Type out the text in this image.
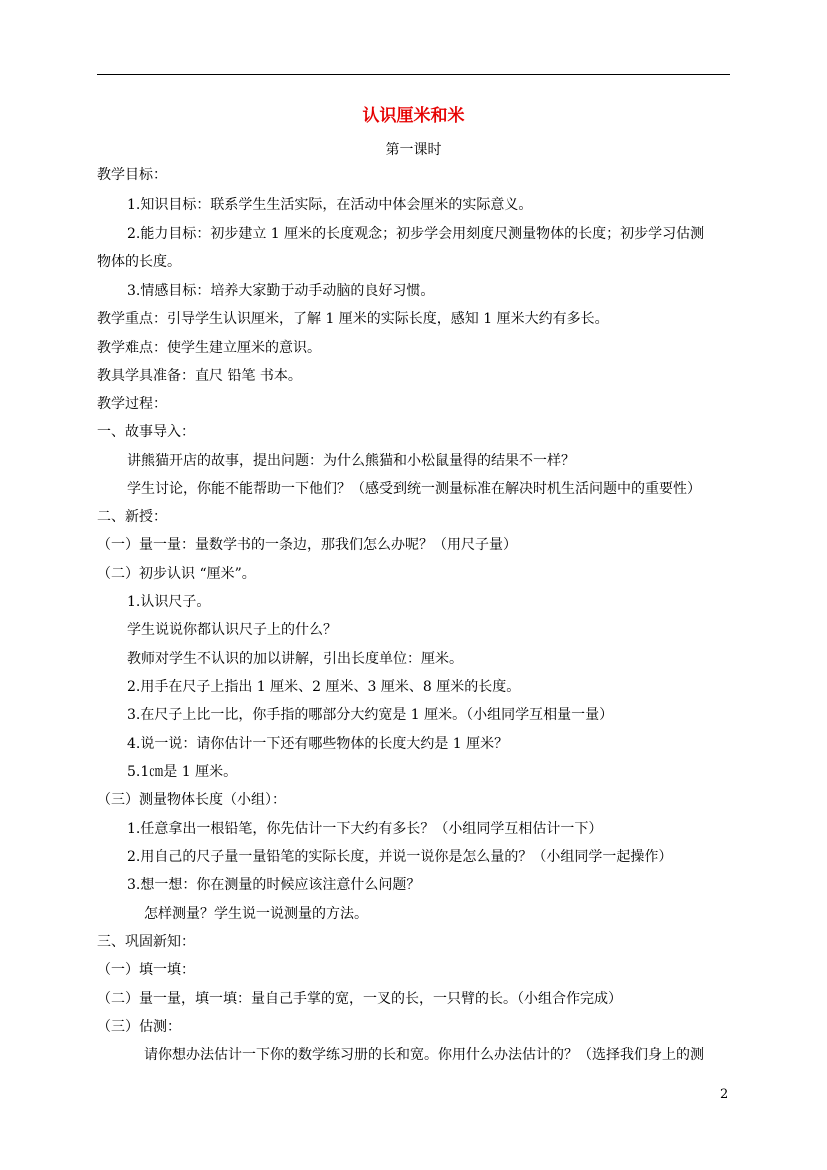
认识厘米和米
第一课时
教学目标：
1.知识目标：联系学生生活实际，在活动中体会厘米的实际意义。
2.能力目标：初步建立 1 厘米的长度观念；初步学会用刻度尺测量物体的长度；初步学习估测
物体的长度。
3.情感目标：培养大家勤于动手动脑的良好习惯。
教学重点：引导学生认识厘米，了解 1 厘米的实际长度，感知 1 厘米大约有多长。
教学难点：使学生建立厘米的意识。
教具学具准备：直尺 铅笔 书本。
教学过程：
一、故事导入：
讲熊猫开店的故事，提出问题：为什么熊猫和小松鼠量得的结果不一样？
学生讨论，你能不能帮助一下他们？（感受到统一测量标准在解决时机生活问题中的重要性）
二、新授：
（一）量一量：量数学书的一条边，那我们怎么办呢？（用尺子量）
（二）初步认识 “厘米”。
1.认识尺子。
学生说说你都认识尺子上的什么？
教师对学生不认识的加以讲解，引出长度单位：厘米。
2.用手在尺子上指出 1 厘米、2 厘米、3 厘米、8 厘米的长度。
3.在尺子上比一比，你手指的哪部分大约宽是 1 厘米。（小组同学互相量一量）
4.说一说：请你估计一下还有哪些物体的长度大约是 1 厘米？
5.1㎝是 1 厘米。
（三）测量物体长度（小组）：
1.任意拿出一根铅笔，你先估计一下大约有多长？（小组同学互相估计一下）
2.用自己的尺子量一量铅笔的实际长度，并说一说你是怎么量的？（小组同学一起操作）
3.想一想：你在测量的时候应该注意什么问题？
怎样测量？学生说一说测量的方法。
三、巩固新知：
（一）填一填：
（二）量一量，填一填：量自己手掌的宽，一叉的长，一只臂的长。（小组合作完成）
（三）估测：
请你想办法估计一下你的数学练习册的长和宽。你用什么办法估计的？（选择我们身上的测
2
